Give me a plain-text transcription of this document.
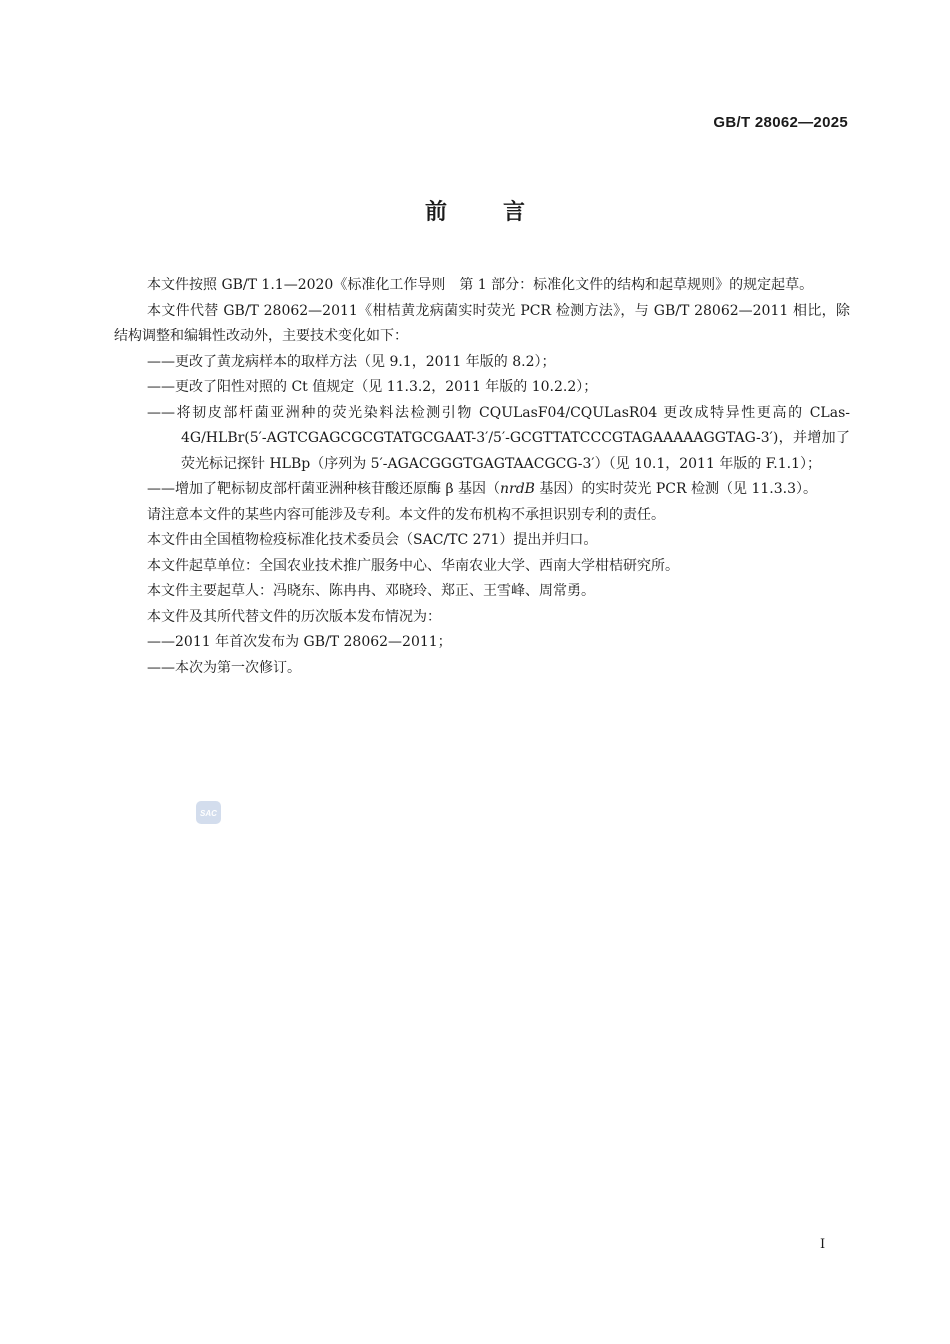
GB/T 28062—2025
前言
本文件按照 GB/T 1.1—2020《标准化工作导则　第 1 部分：标准化文件的结构和起草规则》的规定起草。
本文件代替 GB/T 28062—2011《柑桔黄龙病菌实时荧光 PCR 检测方法》，与 GB/T 28062—2011 相比，除结构调整和编辑性改动外，主要技术变化如下：
——更改了黄龙病样本的取样方法（见 9.1，2011 年版的 8.2）；
——更改了阳性对照的 Ct 值规定（见 11.3.2，2011 年版的 10.2.2）；
——将韧皮部杆菌亚洲种的荧光染料法检测引物 CQULasF04/CQULasR04 更改成特异性更高的 CLas-4G/HLBr(5′-AGTCGAGCGCGTATGCGAAT-3′/5′-GCGTTATCCCGTAGAAAAAGGTAG-3′)，并增加了荧光标记探针 HLBp（序列为 5′-AGACGGGTGAGTAACGCG-3′）（见 10.1，2011 年版的 F.1.1）；
——增加了靶标韧皮部杆菌亚洲种核苷酸还原酶 β 基因（nrdB 基因）的实时荧光 PCR 检测（见 11.3.3）。
请注意本文件的某些内容可能涉及专利。本文件的发布机构不承担识别专利的责任。
本文件由全国植物检疫标准化技术委员会（SAC/TC 271）提出并归口。
本文件起草单位：全国农业技术推广服务中心、华南农业大学、西南大学柑桔研究所。
本文件主要起草人：冯晓东、陈冉冉、邓晓玲、郑正、王雪峰、周常勇。
本文件及其所代替文件的历次版本发布情况为：
——2011 年首次发布为 GB/T 28062—2011；
——本次为第一次修订。
SAC
I
